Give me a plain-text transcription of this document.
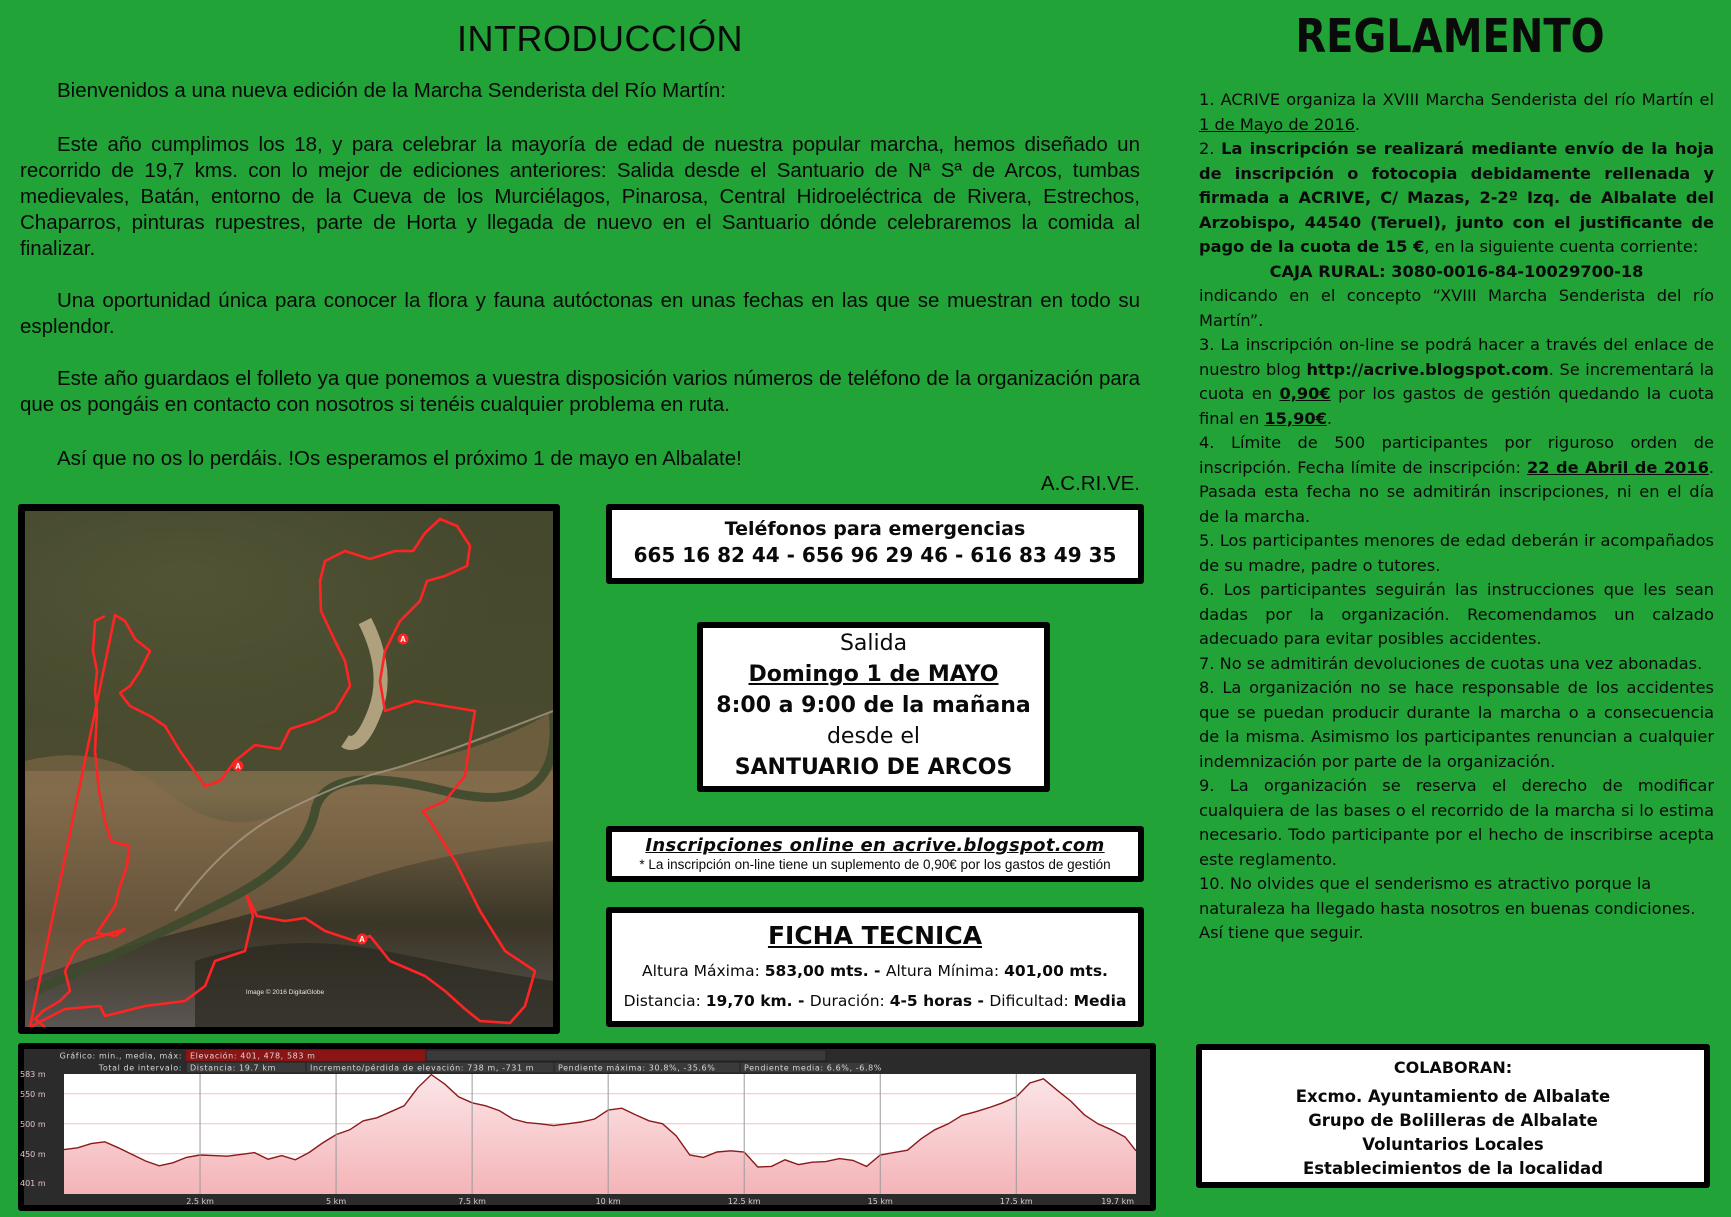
INTRODUCCIÓN

Bienvenidos a una nueva edición de la Marcha Senderista del Río Martín:

Este año cumplimos los 18, y para celebrar la mayoría de edad de nuestra popular marcha, hemos diseñado un recorrido de 19,7 kms. con lo mejor de ediciones anteriores: Salida desde el Santuario de Nª Sª de Arcos, tumbas medievales, Batán, entorno de la Cueva de los Murciélagos, Pinarosa, Central Hidroeléctrica de Rivera, Estrechos, Chaparros, pinturas rupestres, parte de Horta y llegada de nuevo en el Santuario dónde celebraremos la comida al finalizar.

Una oportunidad única para conocer la flora y fauna autóctonas en unas fechas en las que se muestran en todo su esplendor.

Este año guardaos el folleto ya que ponemos a vuestra disposición varios números de teléfono de la organización para que os pongáis en contacto con nosotros si tenéis cualquier problema en ruta.

Así que no os lo perdáis. !Os esperamos el próximo 1 de mayo en Albalate!

A.C.RI.VE.
A
A
A
Image © 2016 DigitalGlobe
Teléfonos para emergencias
665 16 82 44 - 656 96 29 46 - 616 83 49 35
Salida
Domingo 1 de MAYO
8:00 a 9:00 de la mañana
desde el
SANTUARIO DE ARCOS
Inscripciones online en acrive.blogspot.com
* La inscripción on-line tiene un suplemento de 0,90€ por los gastos de gestión
FICHA TECNICA
Altura Máxima: 583,00 mts. - Altura Mínima: 401,00 mts.
Distancia: 19,70 km. - Duración: 4-5 horas - Dificultad: Media
Gráfico: min., media, máx: Elevación: 401, 478, 583 m
Total de intervalo: Distancia: 19.7 km	Incremento/pérdida de elevación: 738 m, -731 m	Pendiente máxima: 30.8%, -35.6%	Pendiente media: 6.6%, -6.8%
583 m
550 m
500 m
450 m
401 m
2.5 km	5 km	7.5 km	10 km	12.5 km	15 km	17.5 km	19.7 km
REGLAMENTO

1. ACRIVE organiza la XVIII Marcha Senderista del río Martín el 1 de Mayo de 2016.

2. La inscripción se realizará mediante envío de la hoja de inscripción o fotocopia debidamente rellenada y firmada a ACRIVE, C/ Mazas, 2-2º Izq. de Albalate del Arzobispo, 44540 (Teruel), junto con el justificante de pago de la cuota de 15 €, en la siguiente cuenta corriente:

CAJA RURAL: 3080-0016-84-10029700-18

indicando en el concepto “XVIII Marcha Senderista del río Martín”.

3. La inscripción on-line se podrá hacer a través del enlace de nuestro blog http://acrive.blogspot.com. Se incrementará la cuota en 0,90€ por los gastos de gestión quedando la cuota final en 15,90€.

4. Límite de 500 participantes por riguroso orden de inscripción. Fecha límite de inscripción: 22 de Abril de 2016. Pasada esta fecha no se admitirán inscripciones, ni en el día de la marcha.

5. Los participantes menores de edad deberán ir acompañados de su madre, padre o tutores.

6. Los participantes seguirán las instrucciones que les sean dadas por la organización. Recomendamos un calzado adecuado para evitar posibles accidentes.

7. No se admitirán devoluciones de cuotas una vez abonadas.

8. La organización no se hace responsable de los accidentes que se puedan producir durante la marcha o a consecuencia de la misma. Asimismo los participantes renuncian a cualquier indemnización por parte de la organización.

9. La organización se reserva el derecho de modificar cualquiera de las bases o el recorrido de la marcha si lo estima necesario. Todo participante por el hecho de inscribirse acepta este reglamento.

10. No olvides que el senderismo es atractivo porque la naturaleza ha llegado hasta nosotros en buenas condiciones. Así tiene que seguir.

COLABORAN:
Excmo. Ayuntamiento de Albalate
Grupo de Bolilleras de Albalate
Voluntarios Locales
Establecimientos de la localidad
